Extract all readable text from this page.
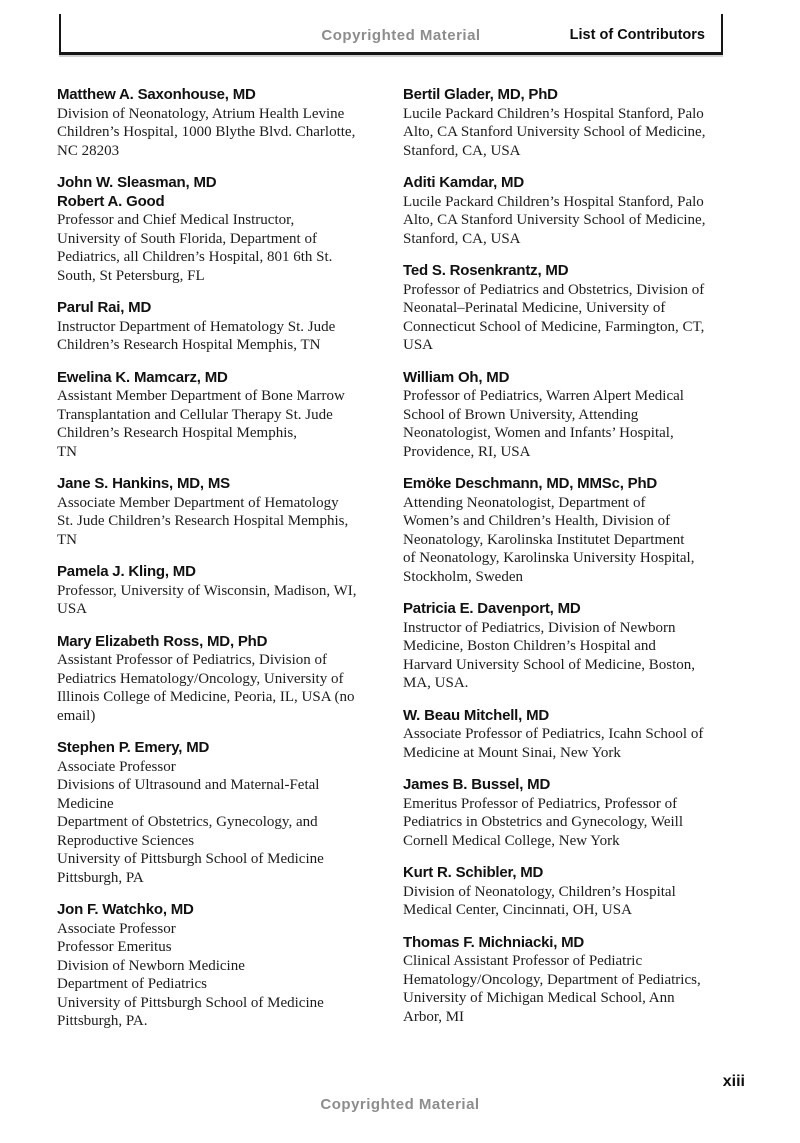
Copyrighted Material	List of Contributors
Matthew A. Saxonhouse, MD
Division of Neonatology, Atrium Health Levine
Children’s Hospital, 1000 Blythe Blvd. Charlotte,
NC 28203
John W. Sleasman, MD
Robert A. Good
Professor and Chief Medical Instructor,
University of South Florida, Department of
Pediatrics, all Children’s Hospital, 801 6th St.
South, St Petersburg, FL
Parul Rai, MD
Instructor Department of Hematology St. Jude
Children’s Research Hospital Memphis, TN
Ewelina K. Mamcarz, MD
Assistant Member Department of Bone Marrow
Transplantation and Cellular Therapy St. Jude
Children’s Research Hospital Memphis,
TN
Jane S. Hankins, MD, MS
Associate Member Department of Hematology
St. Jude Children’s Research Hospital Memphis,
TN
Pamela J. Kling, MD
Professor, University of Wisconsin, Madison, WI,
USA
Mary Elizabeth Ross, MD, PhD
Assistant Professor of Pediatrics, Division of
Pediatrics Hematology/Oncology, University of
Illinois College of Medicine, Peoria, IL, USA (no
email)
Stephen P. Emery, MD
Associate Professor
Divisions of Ultrasound and Maternal-Fetal
Medicine
Department of Obstetrics, Gynecology, and
Reproductive Sciences
University of Pittsburgh School of Medicine
Pittsburgh, PA
Jon F. Watchko, MD
Associate Professor
Professor Emeritus
Division of Newborn Medicine
Department of Pediatrics
University of Pittsburgh School of Medicine
Pittsburgh, PA.
Bertil Glader, MD, PhD
Lucile Packard Children’s Hospital Stanford, Palo
Alto, CA Stanford University School of Medicine,
Stanford, CA, USA
Aditi Kamdar, MD
Lucile Packard Children’s Hospital Stanford, Palo
Alto, CA Stanford University School of Medicine,
Stanford, CA, USA
Ted S. Rosenkrantz, MD
Professor of Pediatrics and Obstetrics, Division of
Neonatal–Perinatal Medicine, University of
Connecticut School of Medicine, Farmington, CT,
USA
William Oh, MD
Professor of Pediatrics, Warren Alpert Medical
School of Brown University, Attending
Neonatologist, Women and Infants’ Hospital,
Providence, RI, USA
Emöke Deschmann, MD, MMSc, PhD
Attending Neonatologist, Department of
Women’s and Children’s Health, Division of
Neonatology, Karolinska Institutet Department
of Neonatology, Karolinska University Hospital,
Stockholm, Sweden
Patricia E. Davenport, MD
Instructor of Pediatrics, Division of Newborn
Medicine, Boston Children’s Hospital and
Harvard University School of Medicine, Boston,
MA, USA.
W. Beau Mitchell, MD
Associate Professor of Pediatrics, Icahn School of
Medicine at Mount Sinai, New York
James B. Bussel, MD
Emeritus Professor of Pediatrics, Professor of
Pediatrics in Obstetrics and Gynecology, Weill
Cornell Medical College, New York
Kurt R. Schibler, MD
Division of Neonatology, Children’s Hospital
Medical Center, Cincinnati, OH, USA
Thomas F. Michniacki, MD
Clinical Assistant Professor of Pediatric
Hematology/Oncology, Department of Pediatrics,
University of Michigan Medical School, Ann
Arbor, MI
xiii
Copyrighted Material
